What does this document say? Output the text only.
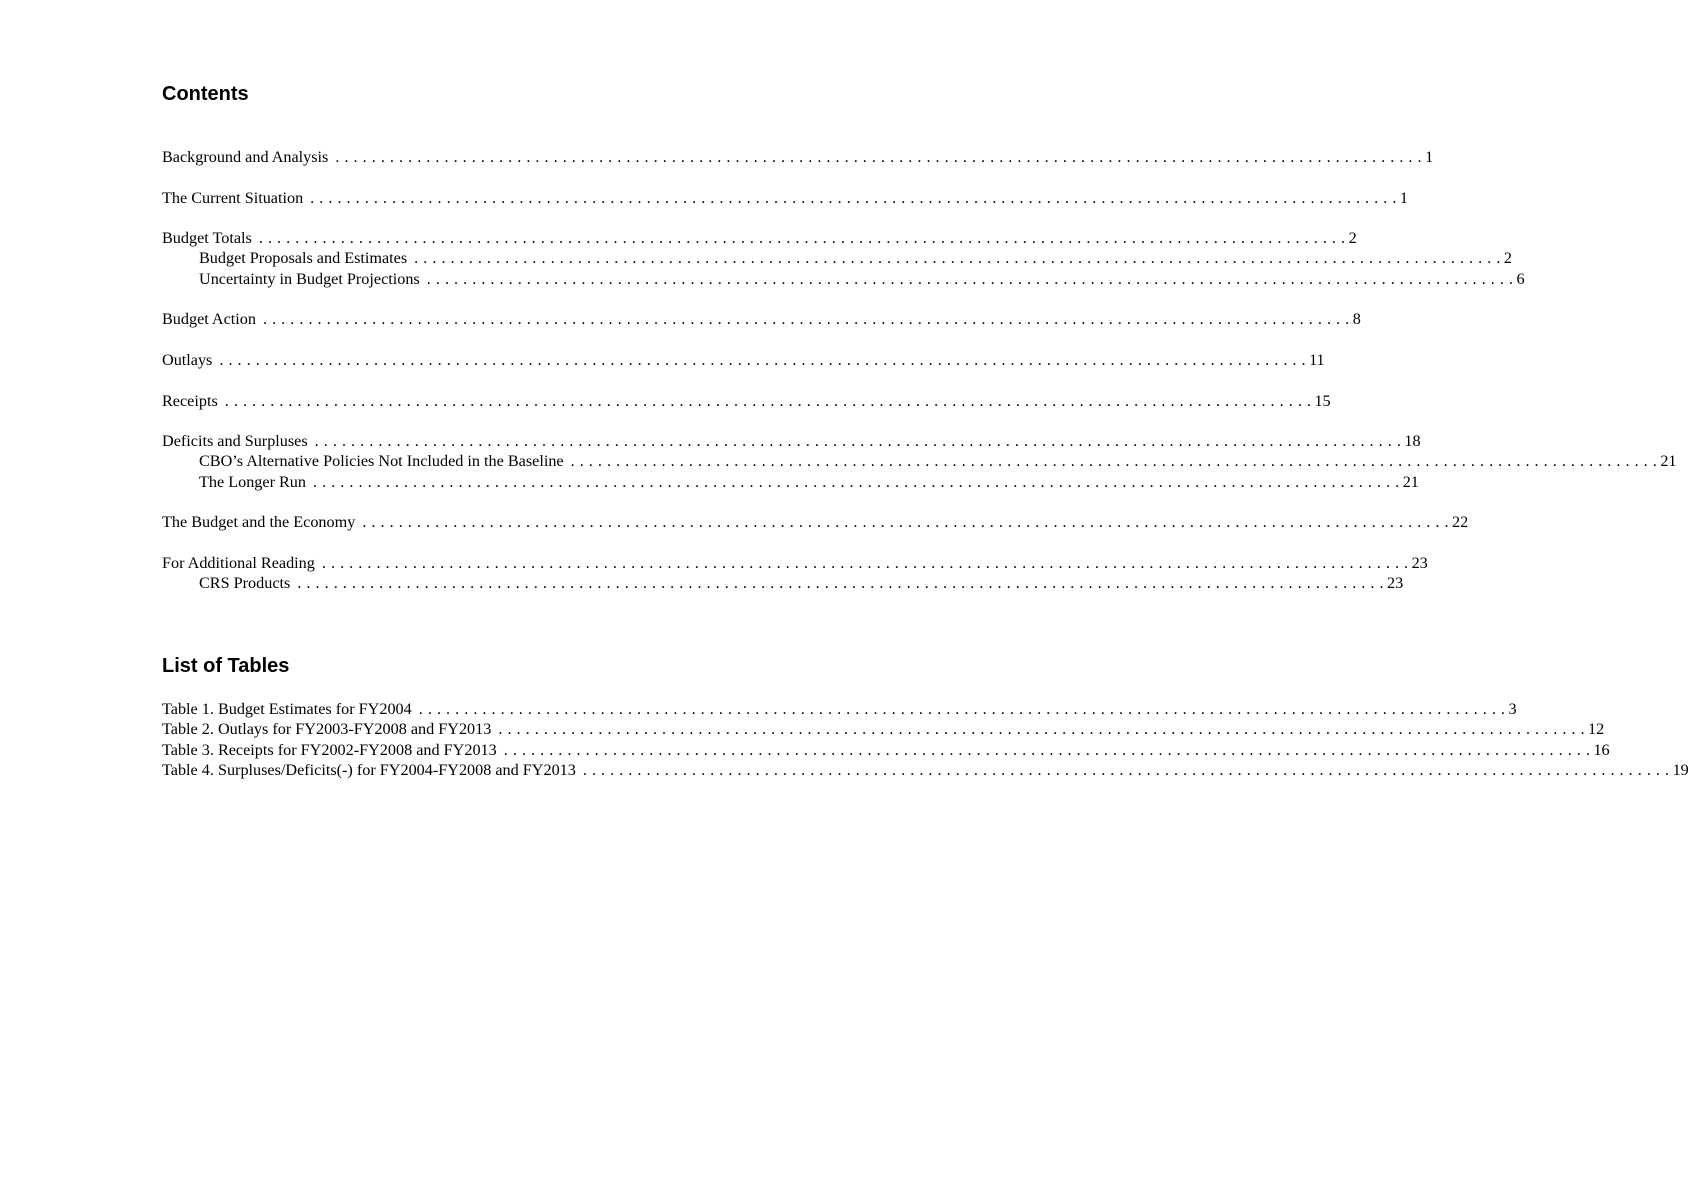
Contents
Background and Analysis . . . . . . . . . . . . . . . . . . . . . . . . . . . . . . . . . . . . . . . . . . . . . . . . . . . . . . . . . . . . . . . . . . . . . . . . . . . . . . . . . . . . . . . . . . . . . . . . . . . . . . . . . . . . . . . . . . . . . . . . 1
The Current Situation . . . . . . . . . . . . . . . . . . . . . . . . . . . . . . . . . . . . . . . . . . . . . . . . . . . . . . . . . . . . . . . . . . . . . . . . . . . . . . . . . . . . . . . . . . . . . . . . . . . . . . . . . . . . . . . . . . . . . . . . 1
Budget Totals . . . . . . . . . . . . . . . . . . . . . . . . . . . . . . . . . . . . . . . . . . . . . . . . . . . . . . . . . . . . . . . . . . . . . . . . . . . . . . . . . . . . . . . . . . . . . . . . . . . . . . . . . . . . . . . . . . . . . . . . 2
Budget Proposals and Estimates . . . . . . . . . . . . . . . . . . . . . . . . . . . . . . . . . . . . . . . . . . . . . . . . . . . . . . . . . . . . . . . . . . . . . . . . . . . . . . . . . . . . . . . . . . . . . . . . . . . . . . . . . . . . . . . . . . . . . . . . 2
Uncertainty in Budget Projections . . . . . . . . . . . . . . . . . . . . . . . . . . . . . . . . . . . . . . . . . . . . . . . . . . . . . . . . . . . . . . . . . . . . . . . . . . . . . . . . . . . . . . . . . . . . . . . . . . . . . . . . . . . . . . . . . . . . . . . . 6
Budget Action . . . . . . . . . . . . . . . . . . . . . . . . . . . . . . . . . . . . . . . . . . . . . . . . . . . . . . . . . . . . . . . . . . . . . . . . . . . . . . . . . . . . . . . . . . . . . . . . . . . . . . . . . . . . . . . . . . . . . . . . 8
Outlays . . . . . . . . . . . . . . . . . . . . . . . . . . . . . . . . . . . . . . . . . . . . . . . . . . . . . . . . . . . . . . . . . . . . . . . . . . . . . . . . . . . . . . . . . . . . . . . . . . . . . . . . . . . . . . . . . . . . . . . . 11
Receipts . . . . . . . . . . . . . . . . . . . . . . . . . . . . . . . . . . . . . . . . . . . . . . . . . . . . . . . . . . . . . . . . . . . . . . . . . . . . . . . . . . . . . . . . . . . . . . . . . . . . . . . . . . . . . . . . . . . . . . . . 15
Deficits and Surpluses . . . . . . . . . . . . . . . . . . . . . . . . . . . . . . . . . . . . . . . . . . . . . . . . . . . . . . . . . . . . . . . . . . . . . . . . . . . . . . . . . . . . . . . . . . . . . . . . . . . . . . . . . . . . . . . . . . . . . . . . 18
CBO’s Alternative Policies Not Included in the Baseline . . . . . . . . . . . . . . . . . . . . . . . . . . . . . . . . . . . . . . . . . . . . . . . . . . . . . . . . . . . . . . . . . . . . . . . . . . . . . . . . . . . . . . . . . . . . . . . . . . . . . . . . . . . . . . . . . . . . . . . . 21
The Longer Run . . . . . . . . . . . . . . . . . . . . . . . . . . . . . . . . . . . . . . . . . . . . . . . . . . . . . . . . . . . . . . . . . . . . . . . . . . . . . . . . . . . . . . . . . . . . . . . . . . . . . . . . . . . . . . . . . . . . . . . . 21
The Budget and the Economy . . . . . . . . . . . . . . . . . . . . . . . . . . . . . . . . . . . . . . . . . . . . . . . . . . . . . . . . . . . . . . . . . . . . . . . . . . . . . . . . . . . . . . . . . . . . . . . . . . . . . . . . . . . . . . . . . . . . . . . . 22
For Additional Reading . . . . . . . . . . . . . . . . . . . . . . . . . . . . . . . . . . . . . . . . . . . . . . . . . . . . . . . . . . . . . . . . . . . . . . . . . . . . . . . . . . . . . . . . . . . . . . . . . . . . . . . . . . . . . . . . . . . . . . . . 23
CRS Products . . . . . . . . . . . . . . . . . . . . . . . . . . . . . . . . . . . . . . . . . . . . . . . . . . . . . . . . . . . . . . . . . . . . . . . . . . . . . . . . . . . . . . . . . . . . . . . . . . . . . . . . . . . . . . . . . . . . . . . . 23
List of Tables
Table 1. Budget Estimates for FY2004 . . . . . . . . . . . . . . . . . . . . . . . . . . . . . . . . . . . . . . . . . . . . . . . . . . . . . . . . . . . . . . . . . . . . . . . . . . . . . . . . . . . . . . . . . . . . . . . . . . . . . . . . . . . . . . . . . . . . . . . . 3
Table 2. Outlays for FY2003-FY2008 and FY2013 . . . . . . . . . . . . . . . . . . . . . . . . . . . . . . . . . . . . . . . . . . . . . . . . . . . . . . . . . . . . . . . . . . . . . . . . . . . . . . . . . . . . . . . . . . . . . . . . . . . . . . . . . . . . . . . . . . . . . . . . 12
Table 3. Receipts for FY2002-FY2008 and FY2013 . . . . . . . . . . . . . . . . . . . . . . . . . . . . . . . . . . . . . . . . . . . . . . . . . . . . . . . . . . . . . . . . . . . . . . . . . . . . . . . . . . . . . . . . . . . . . . . . . . . . . . . . . . . . . . . . . . . . . . . . 16
Table 4. Surpluses/Deficits(-) for FY2004-FY2008 and FY2013 . . . . . . . . . . . . . . . . . . . . . . . . . . . . . . . . . . . . . . . . . . . . . . . . . . . . . . . . . . . . . . . . . . . . . . . . . . . . . . . . . . . . . . . . . . . . . . . . . . . . . . . . . . . . . . . . . . . . . . . . 19
